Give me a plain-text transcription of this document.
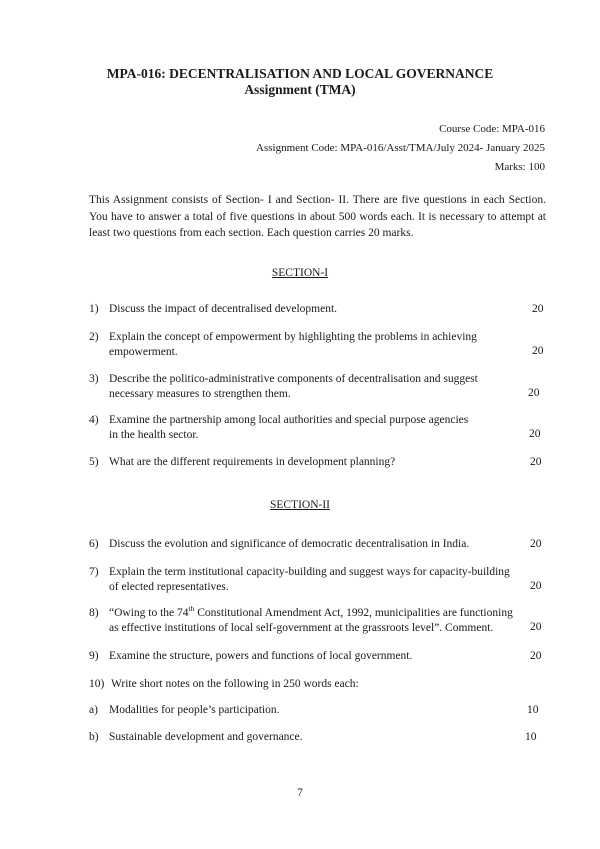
MPA-016: DECENTRALISATION AND LOCAL GOVERNANCE
Assignment (TMA)
Course Code: MPA-016
Assignment Code: MPA-016/Asst/TMA/July 2024- January 2025
Marks: 100
This Assignment consists of Section- I and Section- II. There are five questions in each Section. You have to answer a total of five questions in about 500 words each. It is necessary to attempt at least two questions from each section. Each question carries 20 marks.
SECTION-I
1) Discuss the impact of decentralised development.	20
2) Explain the concept of empowerment by highlighting the problems in achieving
empowerment.	20
3) Describe the politico-administrative components of decentralisation and suggest
necessary measures to strengthen them.	20
4) Examine the partnership among local authorities and special purpose agencies
in the health sector.	20
5) What are the different requirements in development planning?	20
SECTION-II
6) Discuss the evolution and significance of democratic decentralisation in India.	20
7) Explain the term institutional capacity-building and suggest ways for capacity-building
of elected representatives.	20
8) “Owing to the 74th Constitutional Amendment Act, 1992, municipalities are functioning
as effective institutions of local self-government at the grassroots level”. Comment.	20
9) Examine the structure, powers and functions of local government.	20
10) Write short notes on the following in 250 words each:
a) Modalities for people’s participation.	10
b) Sustainable development and governance.	10
7
